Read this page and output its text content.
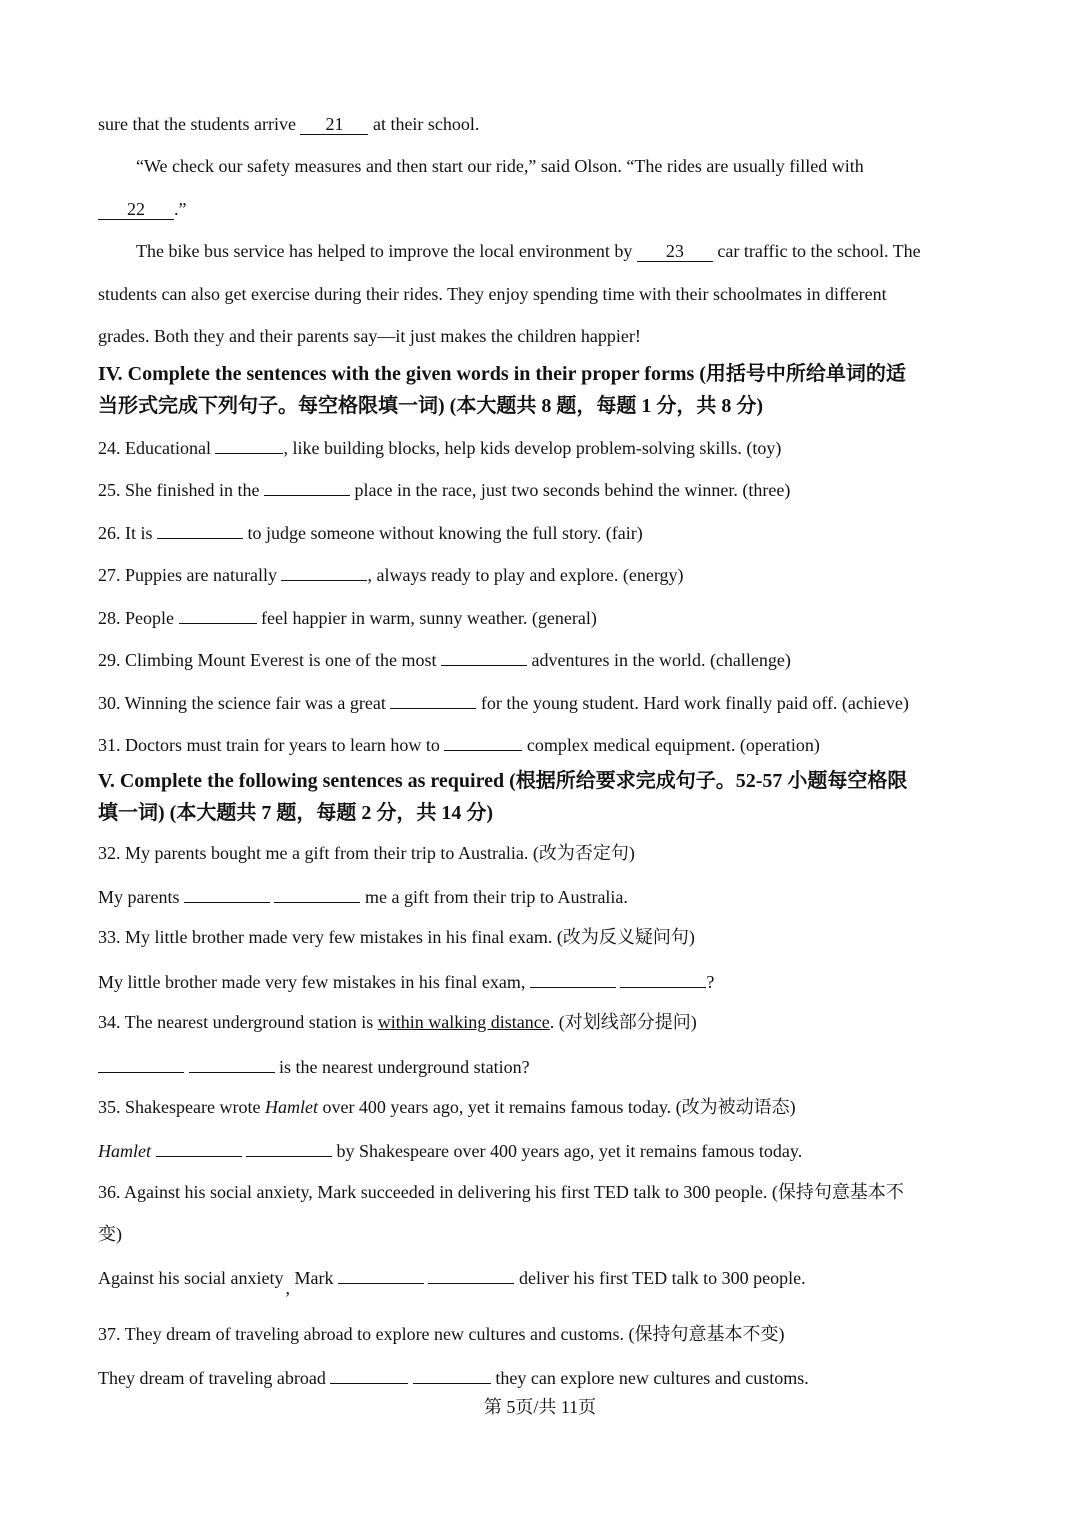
sure that the students arrive 21 at their school.
“We check our safety measures and then start our ride,” said Olson. “The rides are usually filled with
22 .”
The bike bus service has helped to improve the local environment by 23 car traffic to the school. The
students can also get exercise during their rides. They enjoy spending time with their schoolmates in different
grades. Both they and their parents say—it just makes the children happier!
IV. Complete the sentences with the given words in their proper forms (用括号中所给单词的适
当形式完成下列句子。每空格限填一词) (本大题共 8 题，每题 1 分，共 8 分)
24. Educational	, like building blocks, help kids develop problem-solving skills. (toy)
25. She finished in the	place in the race, just two seconds behind the winner. (three)
26. It is	to judge someone without knowing the full story. (fair)
27. Puppies are naturally	, always ready to play and explore. (energy)
28. People	feel happier in warm, sunny weather. (general)
29. Climbing Mount Everest is one of the most	adventures in the world. (challenge)
30. Winning the science fair was a great	for the young student. Hard work finally paid off. (achieve)
31. Doctors must train for years to learn how to	complex medical equipment. (operation)
V. Complete the following sentences as required (根据所给要求完成句子。52-57 小题每空格限
填一词) (本大题共 7 题，每题 2 分，共 14 分)
32. My parents bought me a gift from their trip to Australia. (改为否定句)
My parents	me a gift from their trip to Australia.
33. My little brother made very few mistakes in his final exam. (改为反义疑问句)
My little brother made very few mistakes in his final exam,	?
34. The nearest underground station is within walking distance. (对划线部分提问)
is the nearest underground station?
35. Shakespeare wrote Hamlet over 400 years ago, yet it remains famous today. (改为被动语态)
Hamlet	by Shakespeare over 400 years ago, yet it remains famous today.
36. Against his social anxiety, Mark succeeded in delivering his first TED talk to 300 people. (保持句意基本不
变)
Against his social anxiety , Mark	deliver his first TED talk to 300 people.
37. They dream of traveling abroad to explore new cultures and customs. (保持句意基本不变)
They dream of traveling abroad	they can explore new cultures and customs.
第 5页/共 11页
